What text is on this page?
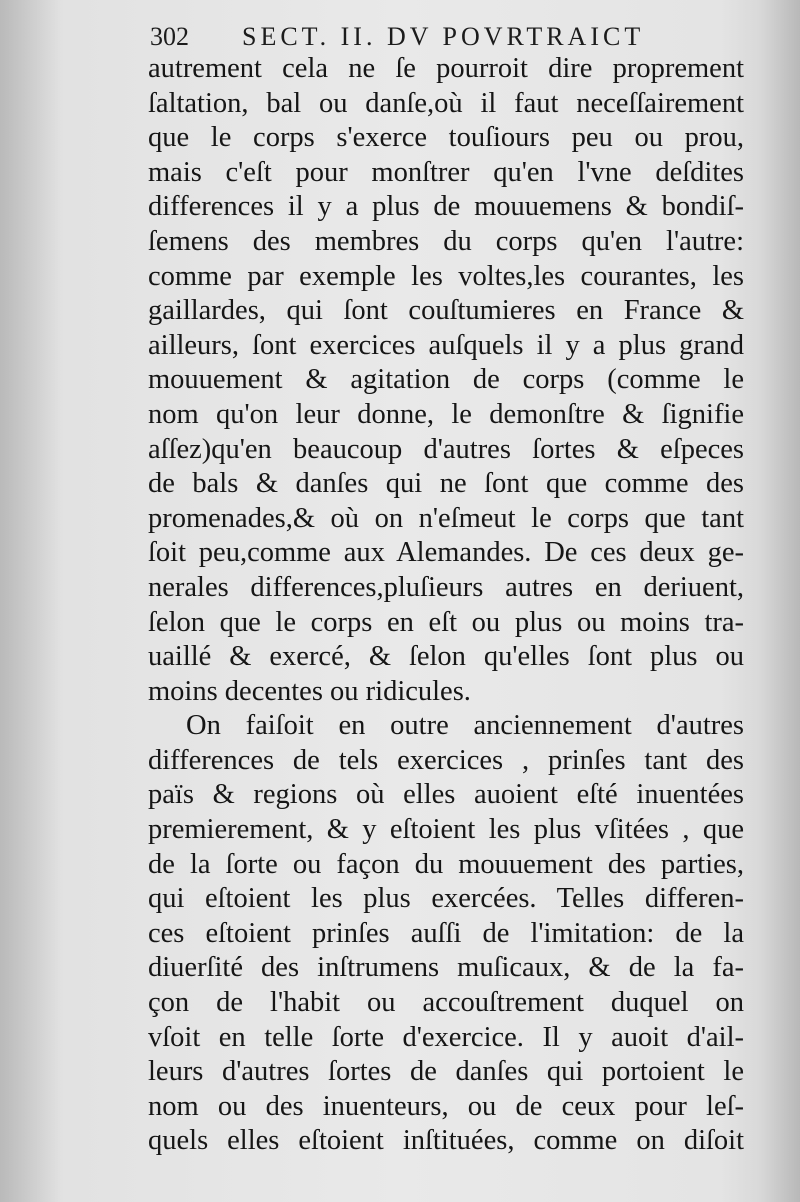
302 SECT. II. DV POVRTRAICT
autrement cela ne ſe pourroit dire proprement
ſaltation, bal ou danſe,où il faut neceſſairement
que le corps s'exerce touſiours peu ou prou,
mais c'eſt pour monſtrer qu'en l'vne deſdites
differences il y a plus de mouuemens & bondiſ-
ſemens des membres du corps qu'en l'autre:
comme par exemple les voltes,les courantes, les
gaillardes, qui ſont couſtumieres en France &
ailleurs, ſont exercices auſquels il y a plus grand
mouuement & agitation de corps (comme le
nom qu'on leur donne, le demonſtre & ſignifie
aſſez)qu'en beaucoup d'autres ſortes & eſpeces
de bals & danſes qui ne ſont que comme des
promenades,& où on n'eſmeut le corps que tant
ſoit peu,comme aux Alemandes. De ces deux ge-
nerales differences,pluſieurs autres en deriuent,
ſelon que le corps en eſt ou plus ou moins tra-
uaillé & exercé, & ſelon qu'elles ſont plus ou
moins decentes ou ridicules.
On faiſoit en outre anciennement d'autres
differences de tels exercices , prinſes tant des
païs & regions où elles auoient eſté inuentées
premierement, & y eſtoient les plus vſitées , que
de la ſorte ou façon du mouuement des parties,
qui eſtoient les plus exercées. Telles differen-
ces eſtoient prinſes auſſi de l'imitation: de la
diuerſité des inſtrumens muſicaux, & de la fa-
çon de l'habit ou accouſtrement duquel on
vſoit en telle ſorte d'exercice. Il y auoit d'ail-
leurs d'autres ſortes de danſes qui portoient le
nom ou des inuenteurs, ou de ceux pour leſ-
quels elles eſtoient inſtituées, comme on diſoit
